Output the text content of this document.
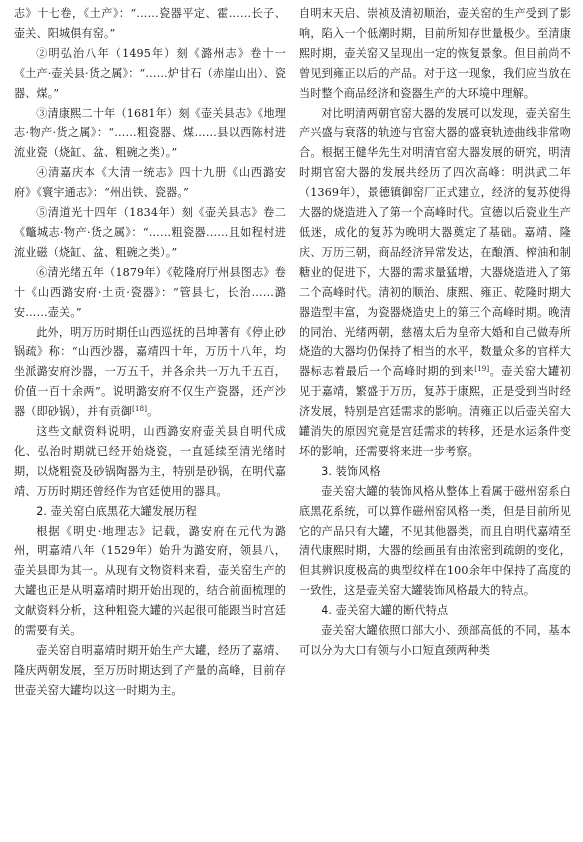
志》十七卷，《土产》：“……瓷器平定、霍……长子、壶关、阳城俱有窑。”

②明弘治八年（1495年）刻《潞州志》卷十一《土产·壶关县·货之属》：“……炉甘石（赤崖山出）、瓷器、煤。”

③清康熙二十年（1681年）刻《壶关县志》《地理志·物产·货之属》：“……粗瓷器、煤……县以西陈村进流业瓷（烧缸、盆、粗碗之类）。”

④清嘉庆本《大清一统志》四十九册《山西潞安府》《寰宇通志》：“州出铁、瓷器。”

⑤清道光十四年（1834年）刻《壶关县志》卷二《鼈城志·物产·货之属》：“……粗瓷器……且如程村进流业磁（烧缸、盆、粗碗之类）。”

⑥清光绪五年（1879年）《乾隆府厅州县图志》卷十《山西潞安府·土贡·瓷器》：“管县七，长治……潞安……壶关。”

此外，明万历时期任山西巡抚的吕坤著有《停止砂锅疏》称：“山西沙器，嘉靖四十年，万历十八年，均坐派潞安府沙器，一万五千，并各余共一万九千五百，价值一百十余两”。说明潞安府不仅生产瓷器，还产沙器（即砂锅），并有贡御[18]。

这些文献资料说明，山西潞安府壶关县自明代成化、弘治时期就已经开始烧瓷，一直延续至清光绪时期，以烧粗瓷及砂锅陶器为主，特别是砂锅，在明代嘉靖、万历时期还曾经作为官廷使用的器具。

2. 壶关窑白底黑花大罐发展历程

根据《明史·地理志》记载，潞安府在元代为潞州，明嘉靖八年（1529年）始升为潞安府，领县八，壶关县即为其一。从现有文物资料来看，壶关窑生产的大罐也正是从明嘉靖时期开始出现的，结合前面梳理的文献资料分析，这种粗瓷大罐的兴起很可能跟当时宫廷的需要有关。

壶关窑自明嘉靖时期开始生产大罐，经历了嘉靖、隆庆两朝发展，至万历时期达到了产量的高峰，目前存世壶关窑大罐均以这一时期为主。

自明末天启、崇祯及清初顺治，壶关窑的生产受到了影响，陷入一个低潮时期，目前所知存世量极少。至清康熙时期，壶关窑又呈现出一定的恢复景象。但目前尚不曾见到雍正以后的产品。对于这一现象，我们应当放在当时整个商品经济和瓷器生产的大环境中理解。

对比明清两朝官窑大器的发展可以发现，壶关窑生产兴盛与衰落的轨迹与官窑大器的盛衰轨迹曲线非常吻合。根据王健华先生对明清官窑大器发展的研究，明清时期官窑大器的发展共经历了四次高峰：明洪武二年（1369年），景德镇御窑厂正式建立，经济的复苏使得大器的烧造进入了第一个高峰时代。宣德以后瓷业生产低迷，成化的复苏为晚明大器奠定了基础。嘉靖、隆庆、万历三朝，商品经济异常发达，在酿酒、榨油和制糖业的促进下，大器的需求量猛增，大器烧造进入了第二个高峰时代。清初的顺治、康熙、雍正、乾隆时期大器造型丰富，为瓷器烧造史上的第三个高峰时期。晚清的同治、光绪两朝，慈禧太后为皇帝大婚和自己做寿所烧造的大器均仍保持了相当的水平，数量众多的官样大器标志着最后一个高峰时期的到来[19]。壶关窑大罐初见于嘉靖，繁盛于万历，复苏于康熙，正是受到当时经济发展，特别是宫廷需求的影响。清雍正以后壶关窑大罐消失的原因究竟是宫廷需求的转移，还是水运条件变坏的影响，还需要将来进一步考察。

3. 装饰风格

壶关窑大罐的装饰风格从整体上看属于磁州窑系白底黑花系统，可以算作磁州窑风格一类，但是目前所见它的产品只有大罐，不见其他器类，而且自明代嘉靖至清代康熙时期，大器的绘画虽有由浓密到疏朗的变化，但其辨识度极高的典型纹样在100余年中保持了高度的一致性，这是壶关窑大罐装饰风格最大的特点。

4. 壶关窑大罐的断代特点

壶关窑大罐依照口部大小、颈部高低的不同，基本可以分为大口有领与小口短直颈两种类
